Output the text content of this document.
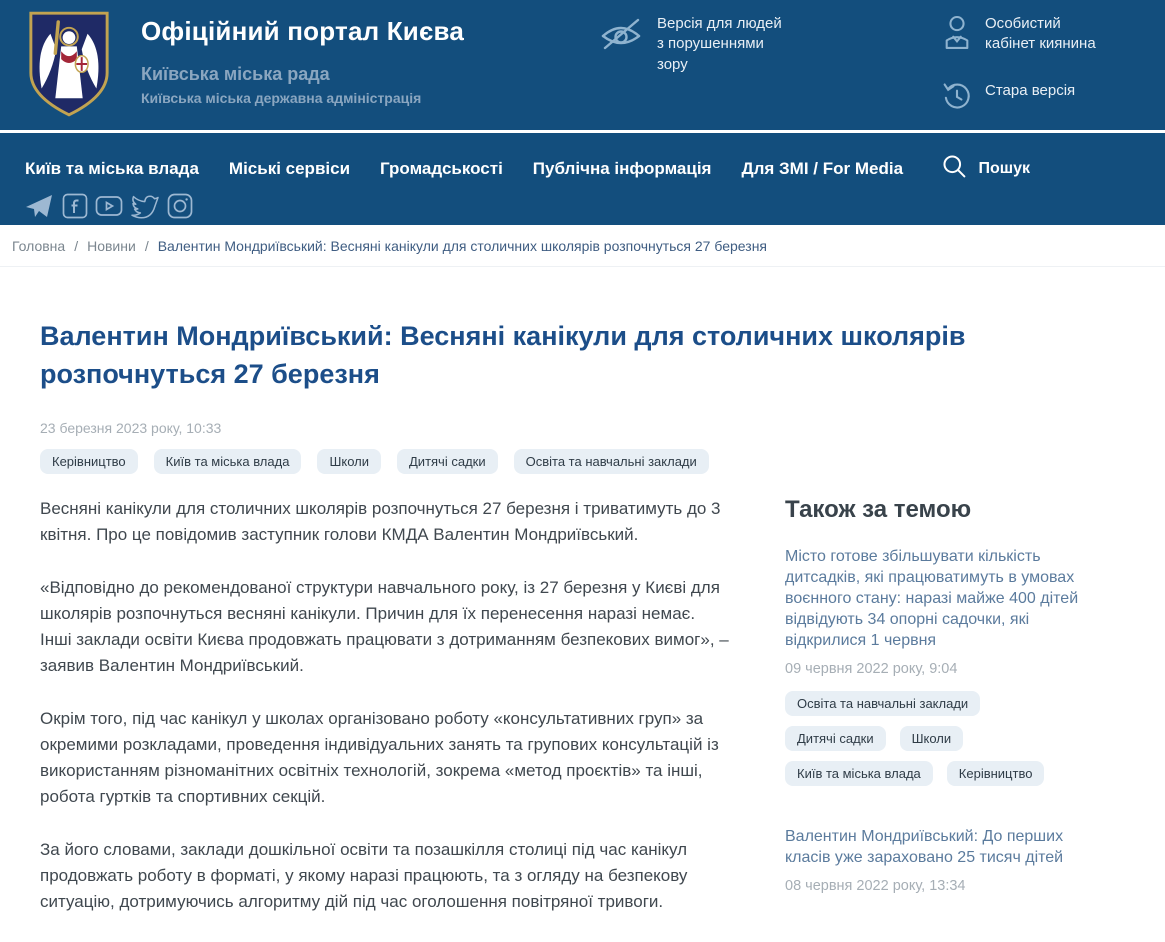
Офіційний портал Києва
Київська міська рада
Київська міська державна адміністрація
Версія для людей з порушеннями зору
Особистий кабінет киянина
Стара версія
Київ та міська влада Міські сервіси Громадськості Публічна інформація Для ЗМІ / For Media	Пошук
Головна / Новини / Валентин Мондриївський: Весняні канікули для столичних школярів розпочнуться 27 березня
Валентин Мондриївський: Весняні канікули для столичних школярів розпочнуться 27 березня
23 березня 2023 року, 10:33
Керівництво	Київ та міська влада	Школи	Дитячі садки	Освіта та навчальні заклади

Весняні канікули для столичних школярів розпочнуться 27 березня і триватимуть до 3 квітня. Про це повідомив заступник голови КМДА Валентин Мондриївський.

«Відповідно до рекомендованої структури навчального року, із 27 березня у Києві для школярів розпочнуться весняні канікули. Причин для їх перенесення наразі немає. Інші заклади освіти Києва продовжать працювати з дотриманням безпекових вимог», – заявив Валентин Мондриївський.

Окрім того, під час канікул у школах організовано роботу «консультативних груп» за окремими розкладами, проведення індивідуальних занять та групових консультацій із використанням різноманітних освітніх технологій, зокрема «метод проєктів» та інші, робота гуртків та спортивних секцій.

За його словами, заклади дошкільної освіти та позашкілля столиці під час канікул продовжать роботу в форматі, у якому наразі працюють, та з огляду на безпекову ситуацію, дотримуючись алгоритму дій під час оголошення повітряної тривоги.

Також за темою
Місто готове збільшувати кількість дитсадків, які працюватимуть в умовах воєнного стану: наразі майже 400 дітей відвідують 34 опорні садочки, які відкрилися 1 червня
09 червня 2022 року, 9:04
Освіта та навчальні заклади
Дитячі садки	Школи
Київ та міська влада	Керівництво
Валентин Мондриївський: До перших класів уже зараховано 25 тисяч дітей
08 червня 2022 року, 13:34
